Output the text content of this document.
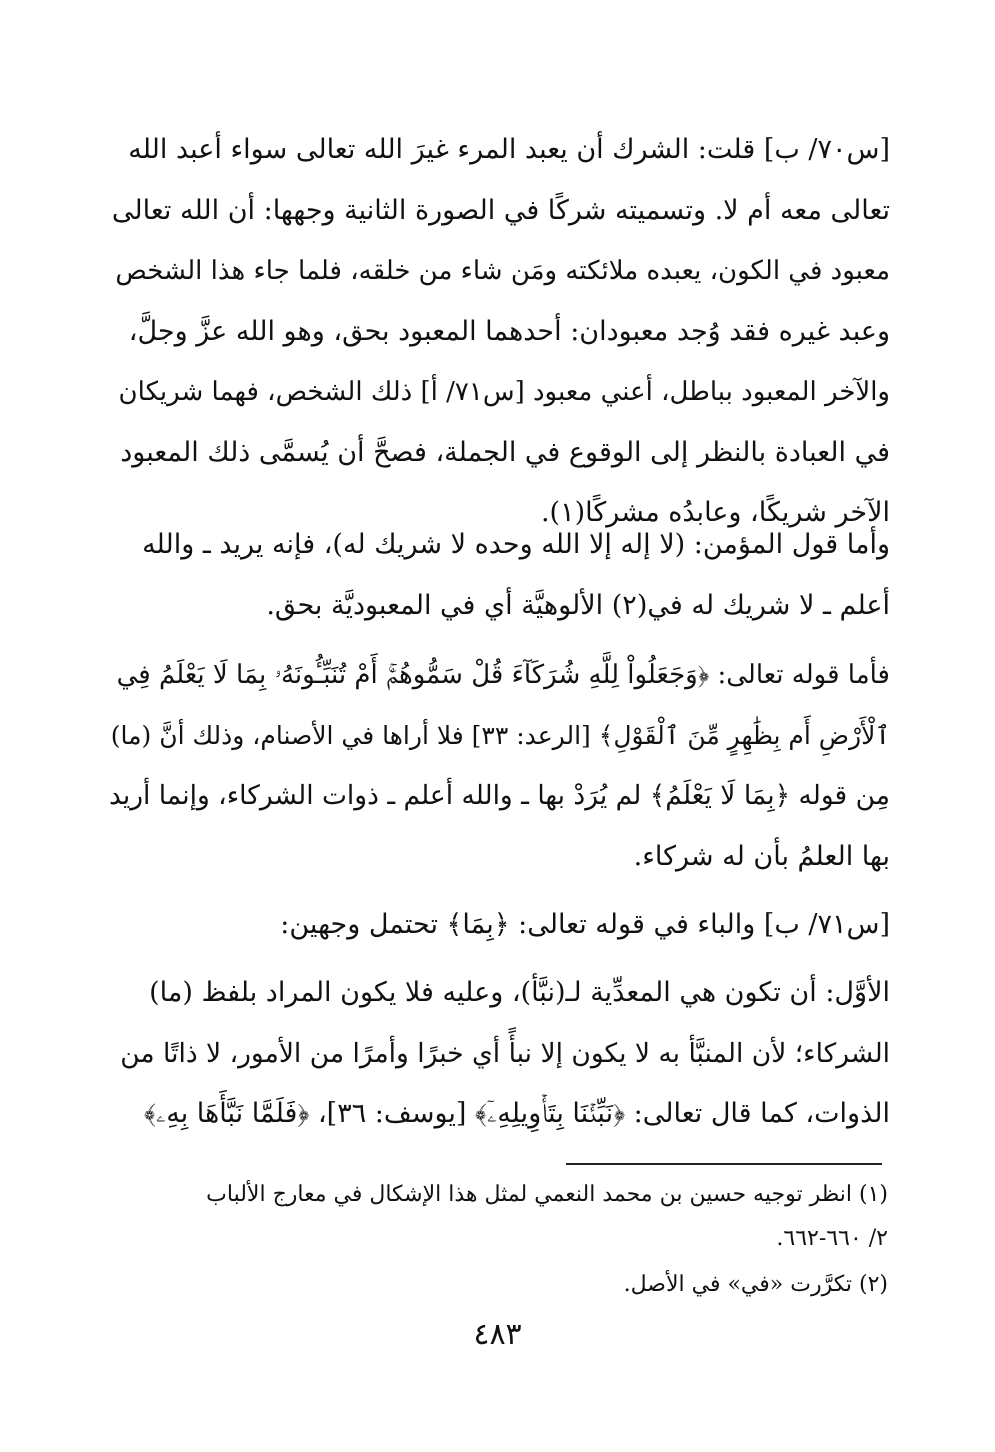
[س٧٠/ ب] قلت: الشرك أن يعبد المرء غيرَ الله تعالى سواء أعبد الله
تعالى معه أم لا. وتسميته شركًا في الصورة الثانية وجهها: أن الله تعالى
معبود في الكون، يعبده ملائكته ومَن شاء من خلقه، فلما جاء هذا الشخص
وعبد غيره فقد وُجد معبودان: أحدهما المعبود بحق، وهو الله عزَّ وجلَّ،
والآخر المعبود بباطل، أعني معبود [س٧١/ أ] ذلك الشخص، فهما شريكان
في العبادة بالنظر إلى الوقوع في الجملة، فصحَّ أن يُسمَّى ذلك المعبود
الآخر شريكًا، وعابدُه مشركًا(١).

وأما قول المؤمن: (لا إله إلا الله وحده لا شريك له)، فإنه يريد ـ والله
أعلم ـ لا شريك له في(٢) الألوهيَّة أي في المعبوديَّة بحق.

فأما قوله تعالى: ﴿وَجَعَلُواْ لِلَّهِ شُرَكَآءَ قُلْ سَمُّوهُمْۚ أَمْ تُنَبِّـُٔونَهُۥ بِمَا لَا يَعْلَمُ فِي
ٱلْأَرْضِ أَم بِظَٰهِرٍ مِّنَ ٱلْقَوْلِ﴾ [الرعد: ٣٣] فلا أراها في الأصنام، وذلك أنَّ (ما)
مِن قوله ﴿بِمَا لَا يَعْلَمُ﴾ لم يُرَدْ بها ـ والله أعلم ـ ذوات الشركاء، وإنما أريد
بها العلمُ بأن له شركاء.

[س٧١/ ب] والباء في قوله تعالى: ﴿بِمَا﴾ تحتمل وجهين:

الأوَّل: أن تكون هي المعدِّية لـ(نبَّأ)، وعليه فلا يكون المراد بلفظ (ما)
الشركاء؛ لأن المنبَّأ به لا يكون إلا نبأً أي خبرًا وأمرًا من الأمور، لا ذاتًا من
الذوات، كما قال تعالى: ﴿نَبِّئۡنَا بِتَأۡوِيلِهِۦٓ﴾ [يوسف: ٣٦]، ﴿فَلَمَّا نَبَّأَهَا بِهِۦ﴾

(١) انظر توجيه حسين بن محمد النعمي لمثل هذا الإشكال في معارج الألباب
٢/ ٦٦٠-٦٦٢.

(٢) تكرَّرت «في» في الأصل.

٤٨٣
